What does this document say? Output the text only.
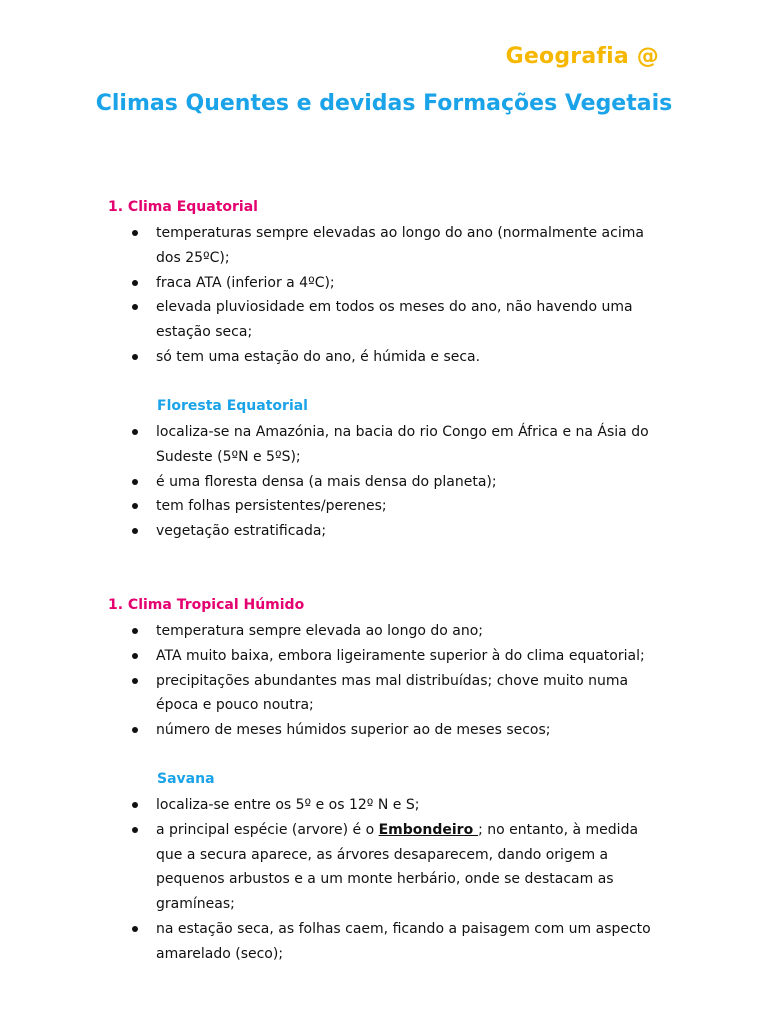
Geografia @
Climas Quentes e devidas Formações Vegetais
1. Clima Equatorial
temperaturas sempre elevadas ao longo do ano (normalmente acima dos 25ºC);
fraca ATA (inferior a 4ºC);
elevada pluviosidade em todos os meses do ano, não havendo uma estação seca;
só tem uma estação do ano, é húmida e seca.
Floresta Equatorial
localiza-se na Amazónia, na bacia do rio Congo em África e na Ásia do Sudeste (5ºN e 5ºS);
é uma floresta densa (a mais densa do planeta);
tem folhas persistentes/perenes;
vegetação estratificada;
1. Clima Tropical Húmido
temperatura sempre elevada ao longo do ano;
ATA muito baixa, embora ligeiramente superior à do clima equatorial;
precipitações abundantes mas mal distribuídas; chove muito numa época e pouco noutra;
número de meses húmidos superior ao de meses secos;
Savana
localiza-se entre os 5º e os 12º N e S;
a principal espécie (arvore) é o Embondeiro ; no entanto, à medida que a secura aparece, as árvores desaparecem, dando origem a pequenos arbustos e a um monte herbário, onde se destacam as gramíneas;
na estação seca, as folhas caem, ficando a paisagem com um aspecto amarelado (seco);
